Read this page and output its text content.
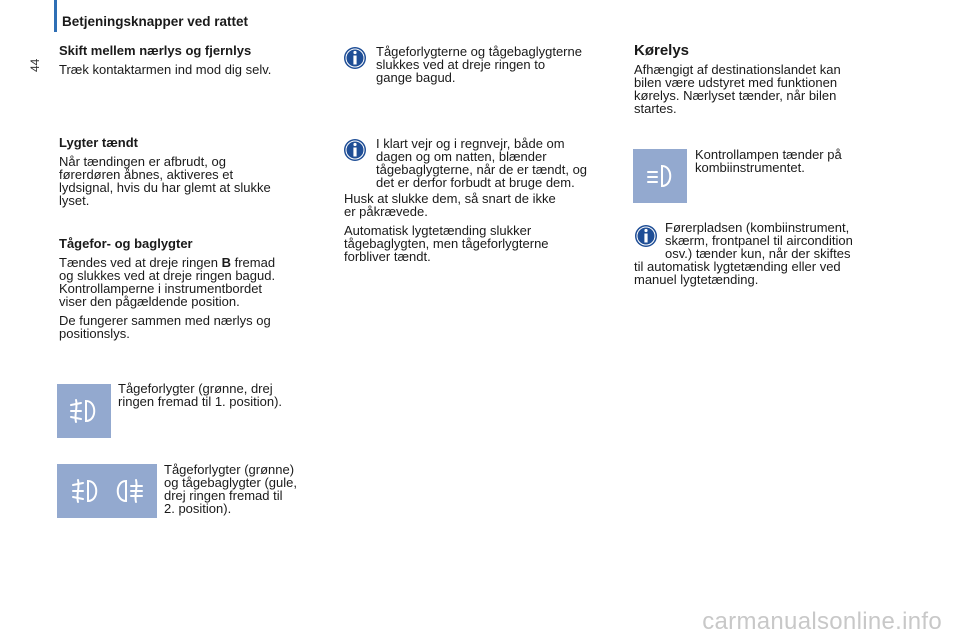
Betjeningsknapper ved rattet
44

Skift mellem nærlys og fjernlys

Træk kontaktarmen ind mod dig selv.

Lygter tændt

Når tændingen er afbrudt, og
førerdøren åbnes, aktiveres et
lydsignal, hvis du har glemt at slukke
lyset.

Tågefor- og baglygter

Tændes ved at dreje ringen B fremad
og slukkes ved at dreje ringen bagud.
Kontrollamperne i instrumentbordet
viser den pågældende position.
De fungerer sammen med nærlys og
positionslys.
Tågeforlygter (grønne, drej
ringen fremad til 1. position).
Tågeforlygter (grønne)
og tågebaglygter (gule,
drej ringen fremad til
2. position).
Tågeforlygterne og tågebaglygterne
slukkes ved at dreje ringen to
gange bagud.
I klart vejr og i regnvejr, både om
dagen og om natten, blænder
tågebaglygterne, når de er tændt, og
det er derfor forbudt at bruge dem.
Husk at slukke dem, så snart de ikke
er påkrævede.
Automatisk lygtetænding slukker
tågebaglygten, men tågeforlygterne
forbliver tændt.

Kørelys

Afhængigt af destinationslandet kan
bilen være udstyret med funktionen
kørelys. Nærlyset tænder, når bilen
startes.
Kontrollampen tænder på
kombiinstrumentet.
Førerpladsen (kombiinstrument,
skærm, frontpanel til aircondition
osv.) tænder kun, når der skiftes
til automatisk lygtetænding eller ved
manuel lygtetænding.
carmanualsonline.info
